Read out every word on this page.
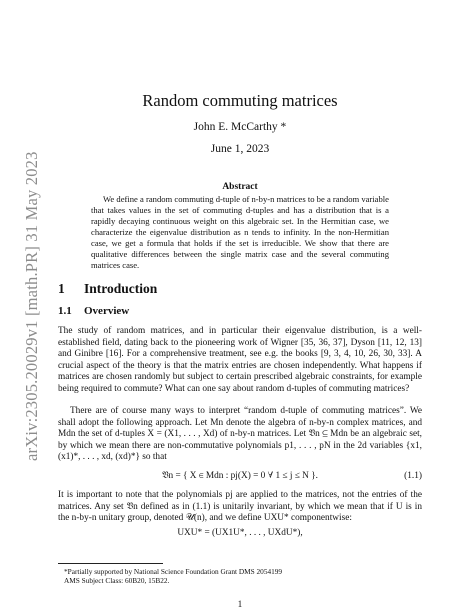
arXiv:2305.20029v1 [math.PR] 31 May 2023
Random commuting matrices
John E. McCarthy *
June 1, 2023
Abstract

We define a random commuting d-tuple of n-by-n matrices to be a random variable that takes values in the set of commuting d-tuples and has a distribution that is a rapidly decaying continuous weight on this algebraic set. In the Hermitian case, we characterize the eigenvalue distribution as n tends to infinity. In the non-Hermitian case, we get a formula that holds if the set is irreducible. We show that there are qualitative differences between the single matrix case and the several commuting matrices case.

1 Introduction
1.1 Overview

The study of random matrices, and in particular their eigenvalue distribution, is a well-established field, dating back to the pioneering work of Wigner [35, 36, 37], Dyson [11, 12, 13] and Ginibre [16]. For a comprehensive treatment, see e.g. the books [9, 3, 4, 10, 26, 30, 33]. A crucial aspect of the theory is that the matrix entries are chosen independently. What happens if matrices are chosen randomly but subject to certain prescribed algebraic constraints, for example being required to commute? What can one say about random d-tuples of commuting matrices?

There are of course many ways to interpret “random d-tuple of commuting matrices”. We shall adopt the following approach. Let Mn denote the algebra of n-by-n complex matrices, and Mdn the set of d-tuples X = (X1, . . . , Xd) of n-by-n matrices. Let 𝔙n ⊆ Mdn be an algebraic set, by which we mean there are non-commutative polynomials p1, . . . , pN in the 2d variables {x1, (x1)*, . . . , xd, (xd)*} so that

𝔙n = { X ∈ Mdn : pj(X) = 0 ∀ 1 ≤ j ≤ N }.	(1.1)

It is important to note that the polynomials pj are applied to the matrices, not the entries of the matrices. Any set 𝔙n defined as in (1.1) is unitarily invariant, by which we mean that if U is in the n-by-n unitary group, denoted 𝒰(n), and we define UXU* componentwise:

UXU* = (UX1U*, . . . , UXdU*),
*Partially supported by National Science Foundation Grant DMS 2054199
AMS Subject Class: 60B20, 15B22.
1
